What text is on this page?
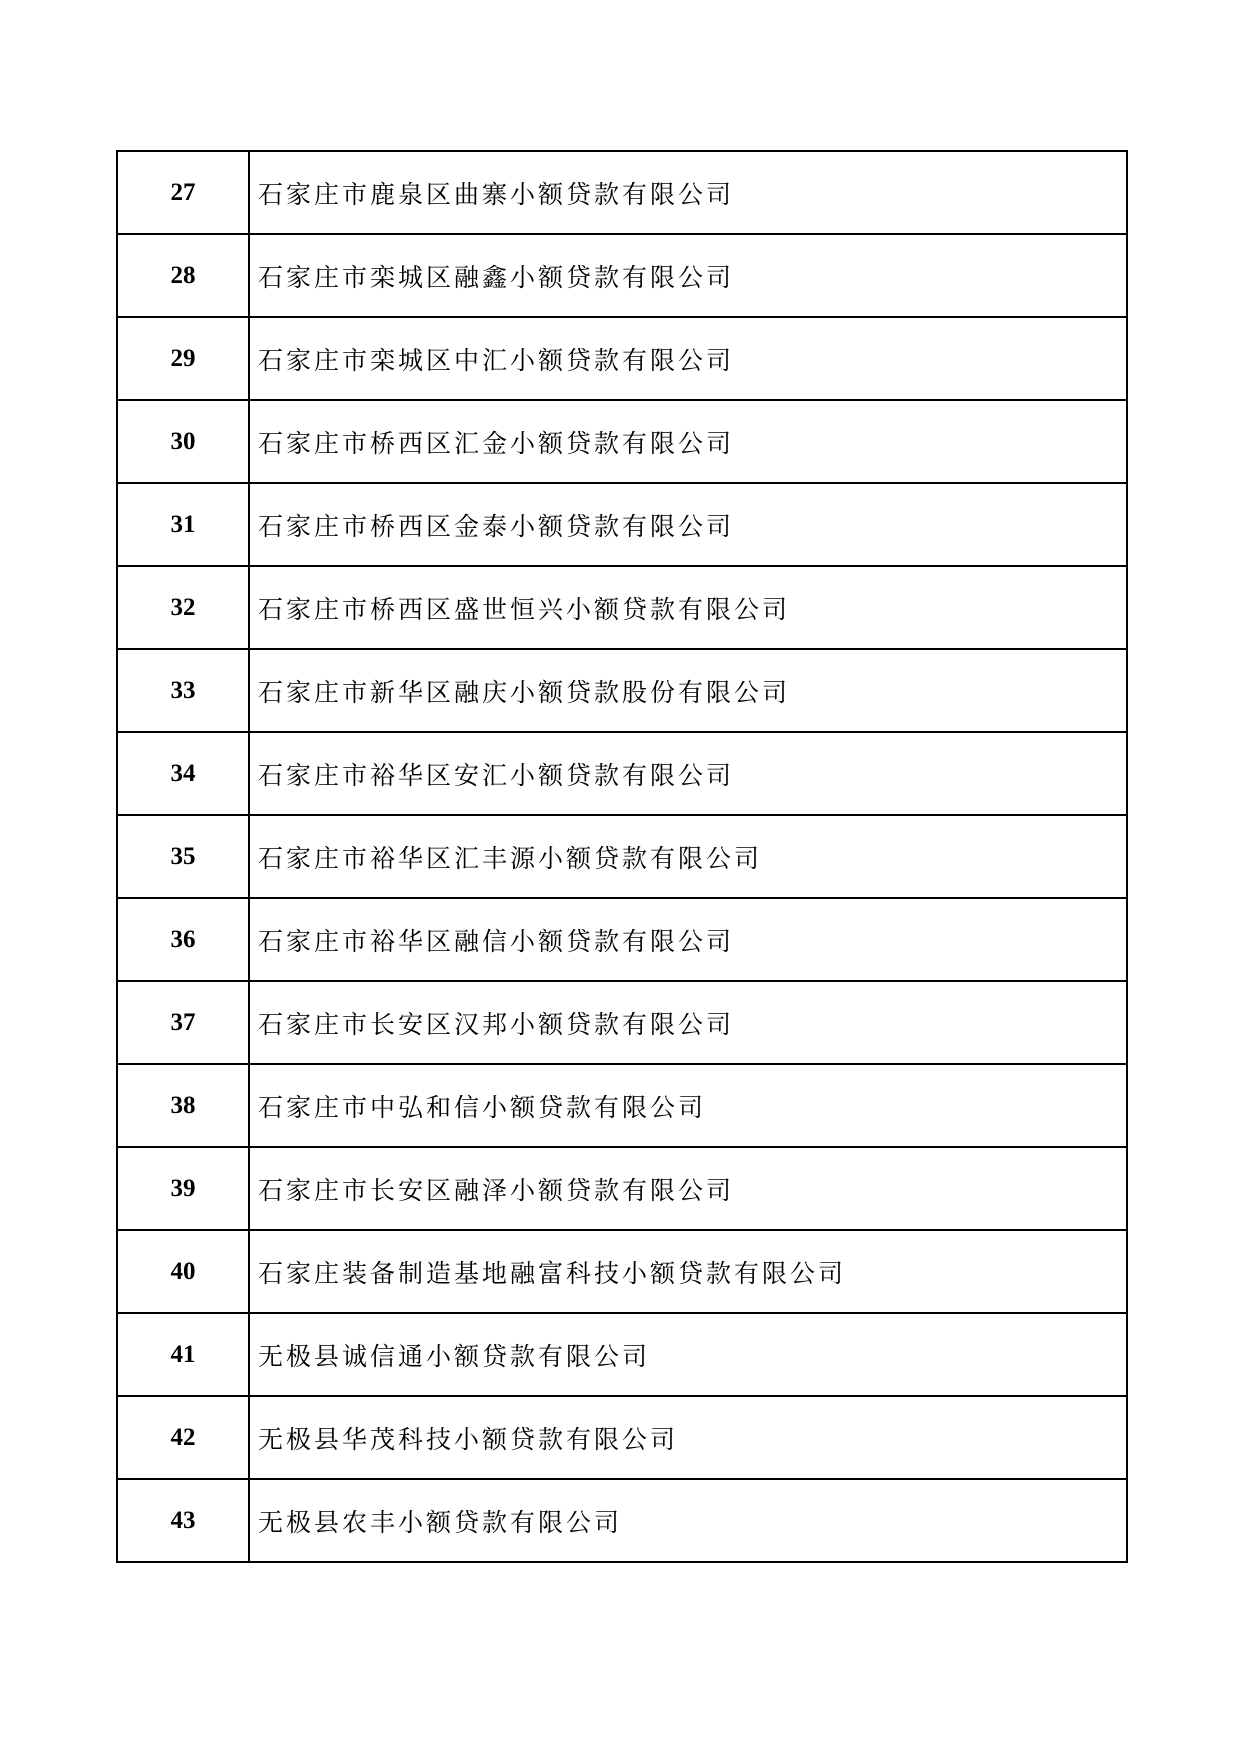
27	石家庄市鹿泉区曲寨小额贷款有限公司
28	石家庄市栾城区融鑫小额贷款有限公司
29	石家庄市栾城区中汇小额贷款有限公司
30	石家庄市桥西区汇金小额贷款有限公司
31	石家庄市桥西区金泰小额贷款有限公司
32	石家庄市桥西区盛世恒兴小额贷款有限公司
33	石家庄市新华区融庆小额贷款股份有限公司
34	石家庄市裕华区安汇小额贷款有限公司
35	石家庄市裕华区汇丰源小额贷款有限公司
36	石家庄市裕华区融信小额贷款有限公司
37	石家庄市长安区汉邦小额贷款有限公司
38	石家庄市中弘和信小额贷款有限公司
39	石家庄市长安区融泽小额贷款有限公司
40	石家庄装备制造基地融富科技小额贷款有限公司
41	无极县诚信通小额贷款有限公司
42	无极县华茂科技小额贷款有限公司
43	无极县农丰小额贷款有限公司
